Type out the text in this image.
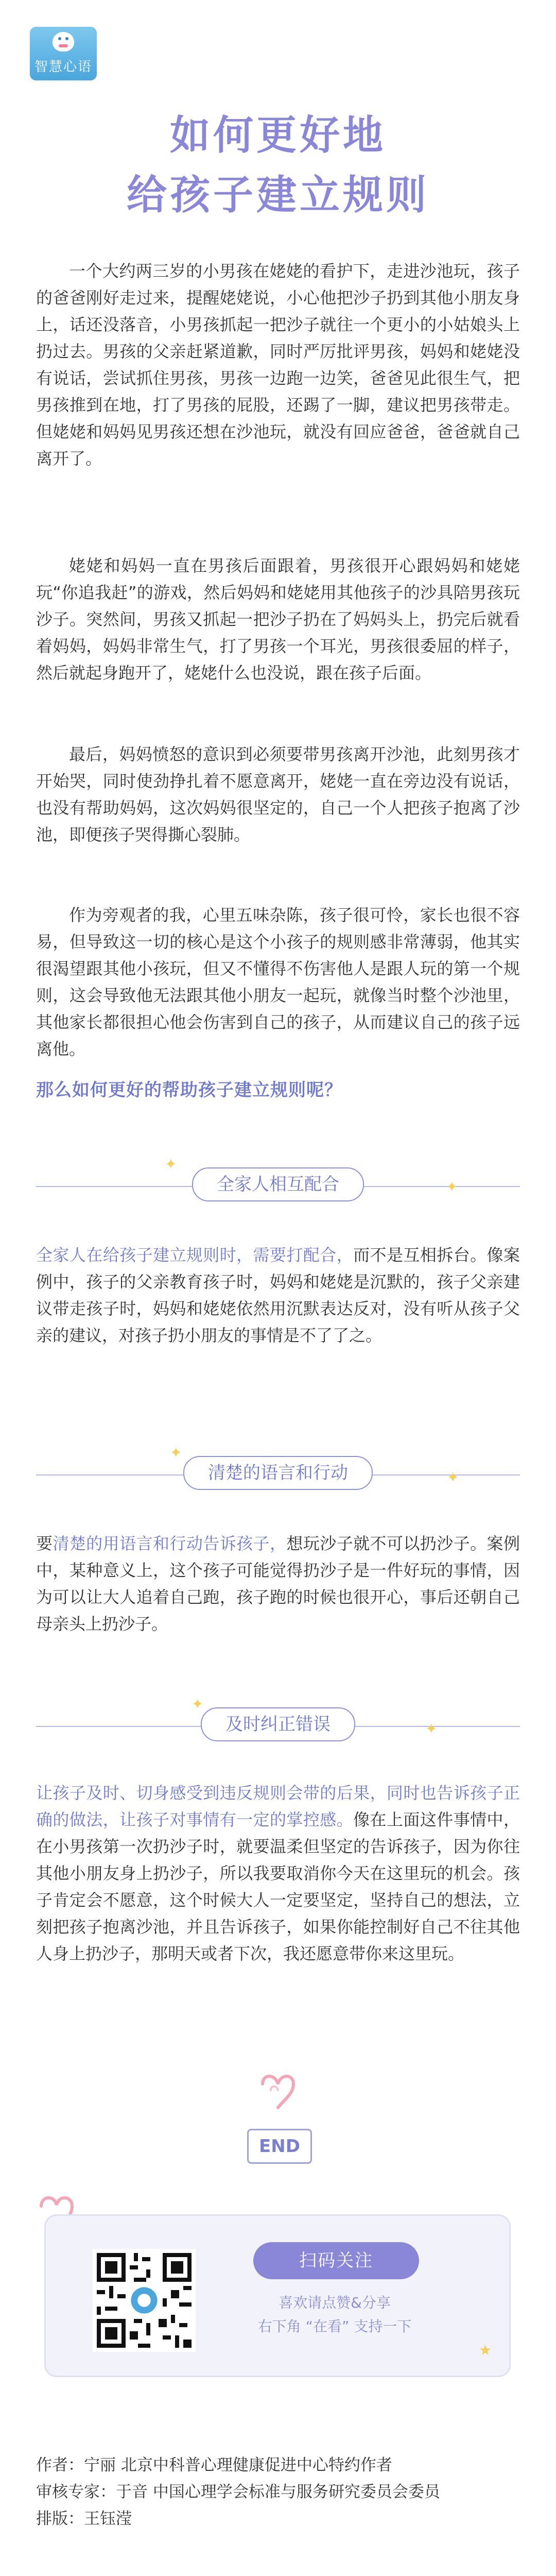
智慧心语
如何更好地
给孩子建立规则

一个大约两三岁的小男孩在姥姥的看护下，走进沙池玩，孩子的爸爸刚好走过来，提醒姥姥说，小心他把沙子扔到其他小朋友身上，话还没落音，小男孩抓起一把沙子就往一个更小的小姑娘头上扔过去。男孩的父亲赶紧道歉，同时严厉批评男孩，妈妈和姥姥没有说话，尝试抓住男孩，男孩一边跑一边笑，爸爸见此很生气，把男孩推到在地，打了男孩的屁股，还踢了一脚，建议把男孩带走。但姥姥和妈妈见男孩还想在沙池玩，就没有回应爸爸，爸爸就自己离开了。

姥姥和妈妈一直在男孩后面跟着，男孩很开心跟妈妈和姥姥玩“你追我赶”的游戏，然后妈妈和姥姥用其他孩子的沙具陪男孩玩沙子。突然间，男孩又抓起一把沙子扔在了妈妈头上，扔完后就看着妈妈，妈妈非常生气，打了男孩一个耳光，男孩很委屈的样子，然后就起身跑开了，姥姥什么也没说，跟在孩子后面。

最后，妈妈愤怒的意识到必须要带男孩离开沙池，此刻男孩才开始哭，同时使劲挣扎着不愿意离开，姥姥一直在旁边没有说话，也没有帮助妈妈，这次妈妈很坚定的，自己一个人把孩子抱离了沙池，即便孩子哭得撕心裂肺。

作为旁观者的我，心里五味杂陈，孩子很可怜，家长也很不容易，但导致这一切的核心是这个小孩子的规则感非常薄弱，他其实很渴望跟其他小孩玩，但又不懂得不伤害他人是跟人玩的第一个规则，这会导致他无法跟其他小朋友一起玩，就像当时整个沙池里，其他家长都很担心他会伤害到自己的孩子，从而建议自己的孩子远离他。

那么如何更好的帮助孩子建立规则呢？
全家人相互配合
✦
✦

全家人在给孩子建立规则时，需要打配合，而不是互相拆台。像案例中，孩子的父亲教育孩子时，妈妈和姥姥是沉默的，孩子父亲建议带走孩子时，妈妈和姥姥依然用沉默表达反对，没有听从孩子父亲的建议，对孩子扔小朋友的事情是不了了之。

清楚的语言和行动
✦
✦

要清楚的用语言和行动告诉孩子，想玩沙子就不可以扔沙子。案例中，某种意义上，这个孩子可能觉得扔沙子是一件好玩的事情，因为可以让大人追着自己跑，孩子跑的时候也很开心，事后还朝自己母亲头上扔沙子。

及时纠正错误
✦
✦

让孩子及时、切身感受到违反规则会带的后果，同时也告诉孩子正确的做法，让孩子对事情有一定的掌控感。像在上面这件事情中，在小男孩第一次扔沙子时，就要温柔但坚定的告诉孩子，因为你往其他小朋友身上扔沙子，所以我要取消你今天在这里玩的机会。孩子肯定会不愿意，这个时候大人一定要坚定，坚持自己的想法，立刻把孩子抱离沙池，并且告诉孩子，如果你能控制好自己不往其他人身上扔沙子，那明天或者下次，我还愿意带你来这里玩。

END
扫码关注
喜欢请点赞&分享
右下角 “在看” 支持一下
★
作者：宁丽 北京中科普心理健康促进中心特约作者
审核专家：于音 中国心理学会标准与服务研究委员会委员
排版：王钰滢
